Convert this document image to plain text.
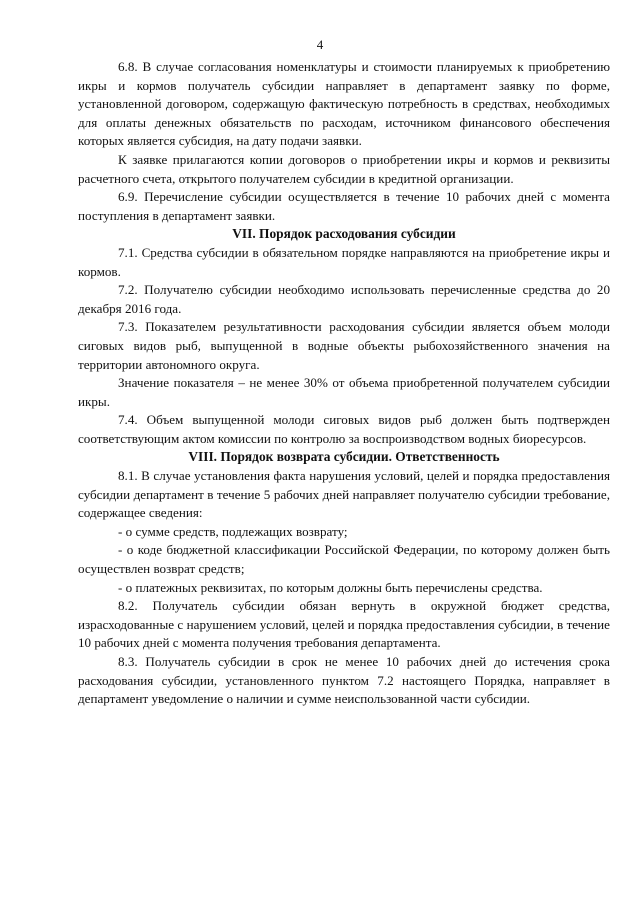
4

6.8. В случае согласования номенклатуры и стоимости планируемых к приобретению икры и кормов получатель субсидии направляет в департамент заявку по форме, установленной договором, содержащую фактическую потребность в средствах, необходимых для оплаты денежных обязательств по расходам, источником финансового обеспечения которых является субсидия, на дату подачи заявки.

К заявке прилагаются копии договоров о приобретении икры и кормов и реквизиты расчетного счета, открытого получателем субсидии в кредитной организации.

6.9. Перечисление субсидии осуществляется в течение 10 рабочих дней с момента поступления в департамент заявки.

VII. Порядок расходования субсидии

7.1. Средства субсидии в обязательном порядке направляются на приобретение икры и кормов.

7.2. Получателю субсидии необходимо использовать перечисленные средства до 20 декабря 2016 года.

7.3. Показателем результативности расходования субсидии является объем молоди сиговых видов рыб, выпущенной в водные объекты рыбохозяйственного значения на территории автономного округа.

Значение показателя – не менее 30% от объема приобретенной получателем субсидии икры.

7.4. Объем выпущенной молоди сиговых видов рыб должен быть подтвержден соответствующим актом комиссии по контролю за воспроизводством водных биоресурсов.

VIII. Порядок возврата субсидии. Ответственность

8.1. В случае установления факта нарушения условий, целей и порядка предоставления субсидии департамент в течение 5 рабочих дней направляет получателю субсидии требование, содержащее сведения:

- о сумме средств, подлежащих возврату;

- о коде бюджетной классификации Российской Федерации, по которому должен быть осуществлен возврат средств;

- о платежных реквизитах, по которым должны быть перечислены средства.

8.2. Получатель субсидии обязан вернуть в окружной бюджет средства, израсходованные с нарушением условий, целей и порядка предоставления субсидии, в течение 10 рабочих дней с момента получения требования департамента.

8.3. Получатель субсидии в срок не менее 10 рабочих дней до истечения срока расходования субсидии, установленного пунктом 7.2 настоящего Порядка, направляет в департамент уведомление о наличии и сумме неиспользованной части субсидии.
